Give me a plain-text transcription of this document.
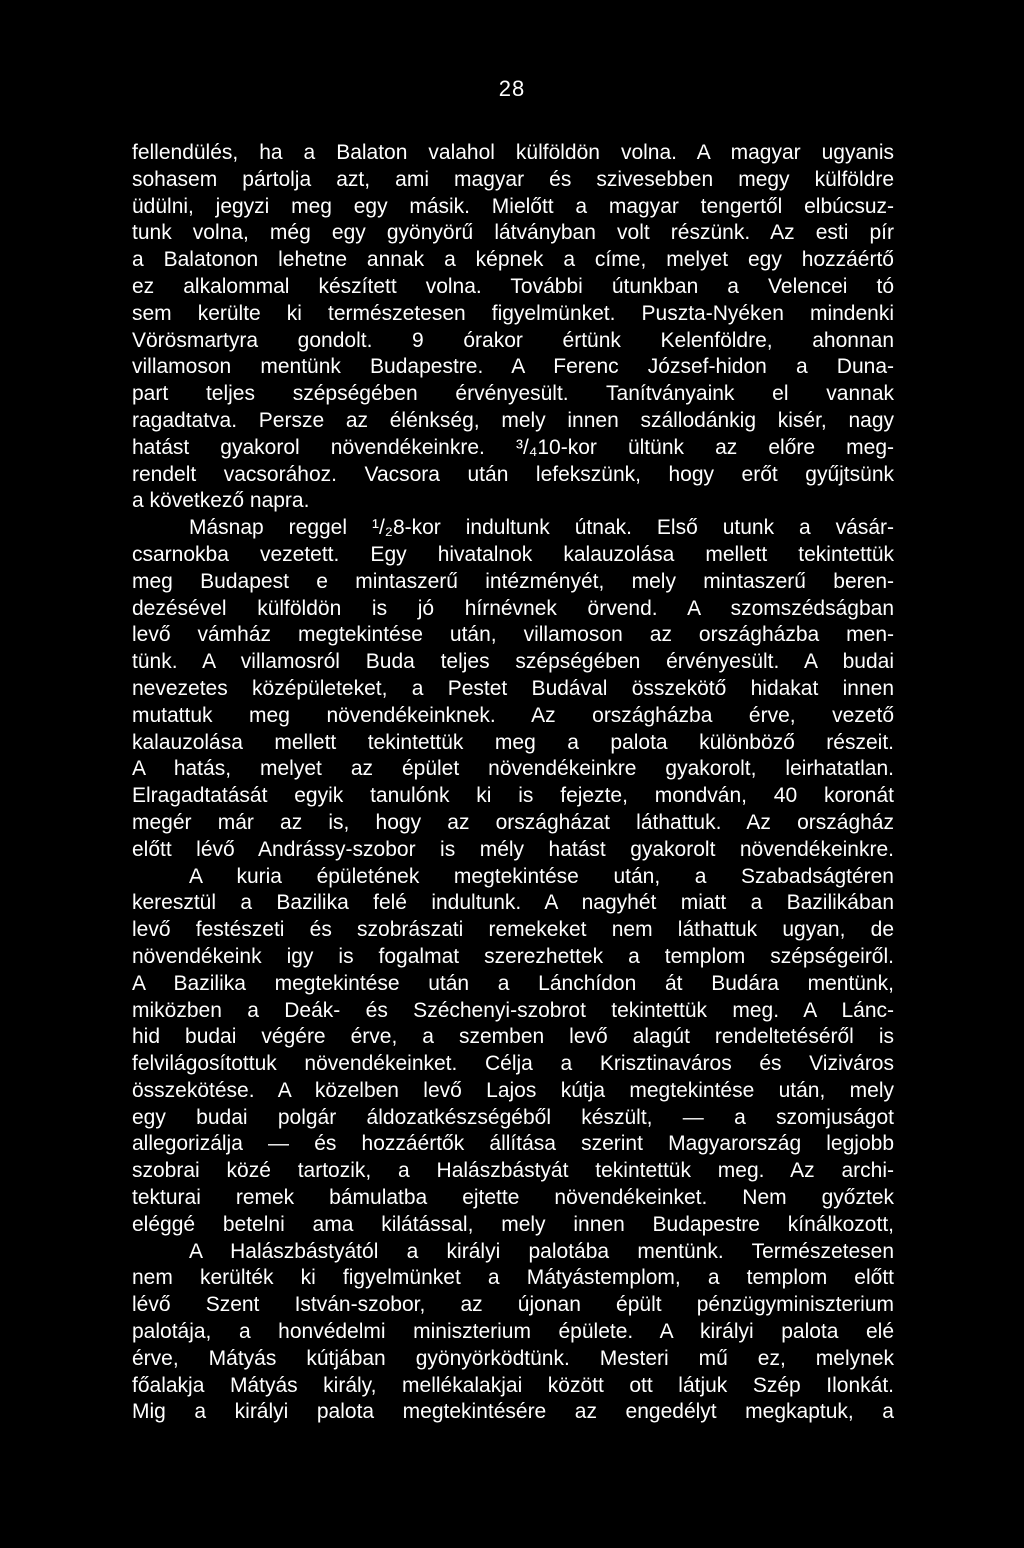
28

fellendülés, ha a Balaton valahol külföldön volna. A magyar ugyanis

sohasem pártolja azt, ami magyar és szivesebben megy külföldre

üdülni, jegyzi meg egy másik. Mielőtt a magyar tengertől elbúcsuz-

tunk volna, még egy gyönyörű látványban volt részünk. Az esti pír

a Balatonon lehetne annak a képnek a címe, melyet egy hozzáértő

ez alkalommal készített volna. További útunkban a Velencei tó

sem kerülte ki természetesen figyelmünket. Puszta-Nyéken mindenki

Vörösmartyra gondolt. 9 órakor értünk Kelenföldre, ahonnan

villamoson mentünk Budapestre. A Ferenc József-hidon a Duna-

part teljes szépségében érvényesült. Tanítványaink el vannak

ragadtatva. Persze az élénkség, mely innen szállodánkig kisér, nagy

hatást gyakorol növendékeinkre. ³/₄10-kor ültünk az előre meg-

rendelt vacsorához. Vacsora után lefekszünk, hogy erőt gyűjtsünk

a következő napra.

Másnap reggel ¹/₂8-kor indultunk útnak. Első utunk a vásár-

csarnokba vezetett. Egy hivatalnok kalauzolása mellett tekintettük

meg Budapest e mintaszerű intézményét, mely mintaszerű beren-

dezésével külföldön is jó hírnévnek örvend. A szomszédságban

levő vámház megtekintése után, villamoson az országházba men-

tünk. A villamosról Buda teljes szépségében érvényesült. A budai

nevezetes középületeket, a Pestet Budával összekötő hidakat innen

mutattuk meg növendékeinknek. Az országházba érve, vezető

kalauzolása mellett tekintettük meg a palota különböző részeit.

A hatás, melyet az épület növendékeinkre gyakorolt, leirhatatlan.

Elragadtatását egyik tanulónk ki is fejezte, mondván, 40 koronát

megér már az is, hogy az országházat láthattuk. Az országház

előtt lévő Andrássy-szobor is mély hatást gyakorolt növendékeinkre.

A kuria épületének megtekintése után, a Szabadságtéren

keresztül a Bazilika felé indultunk. A nagyhét miatt a Bazilikában

levő festészeti és szobrászati remekeket nem láthattuk ugyan, de

növendékeink igy is fogalmat szerezhettek a templom szépségeiről.

A Bazilika megtekintése után a Lánchídon át Budára mentünk,

miközben a Deák- és Széchenyi-szobrot tekintettük meg. A Lánc-

hid budai végére érve, a szemben levő alagút rendeltetéséről is

felvilágosítottuk növendékeinket. Célja a Krisztinaváros és Viziváros

összekötése. A közelben levő Lajos kútja megtekintése után, mely

egy budai polgár áldozatkészségéből készült, — a szomjuságot

allegorizálja — és hozzáértők állítása szerint Magyarország legjobb

szobrai közé tartozik, a Halászbástyát tekintettük meg. Az archi-

tekturai remek bámulatba ejtette növendékeinket. Nem győztek

eléggé betelni ama kilátással, mely innen Budapestre kínálkozott,

A Halászbástyától a királyi palotába mentünk. Természetesen

nem kerülték ki figyelmünket a Mátyástemplom, a templom előtt

lévő Szent István-szobor, az újonan épült pénzügyminiszterium

palotája, a honvédelmi miniszterium épülete. A királyi palota elé

érve, Mátyás kútjában gyönyörködtünk. Mesteri mű ez, melynek

főalakja Mátyás király, mellékalakjai között ott látjuk Szép Ilonkát.

Mig a királyi palota megtekintésére az engedélyt megkaptuk, a
